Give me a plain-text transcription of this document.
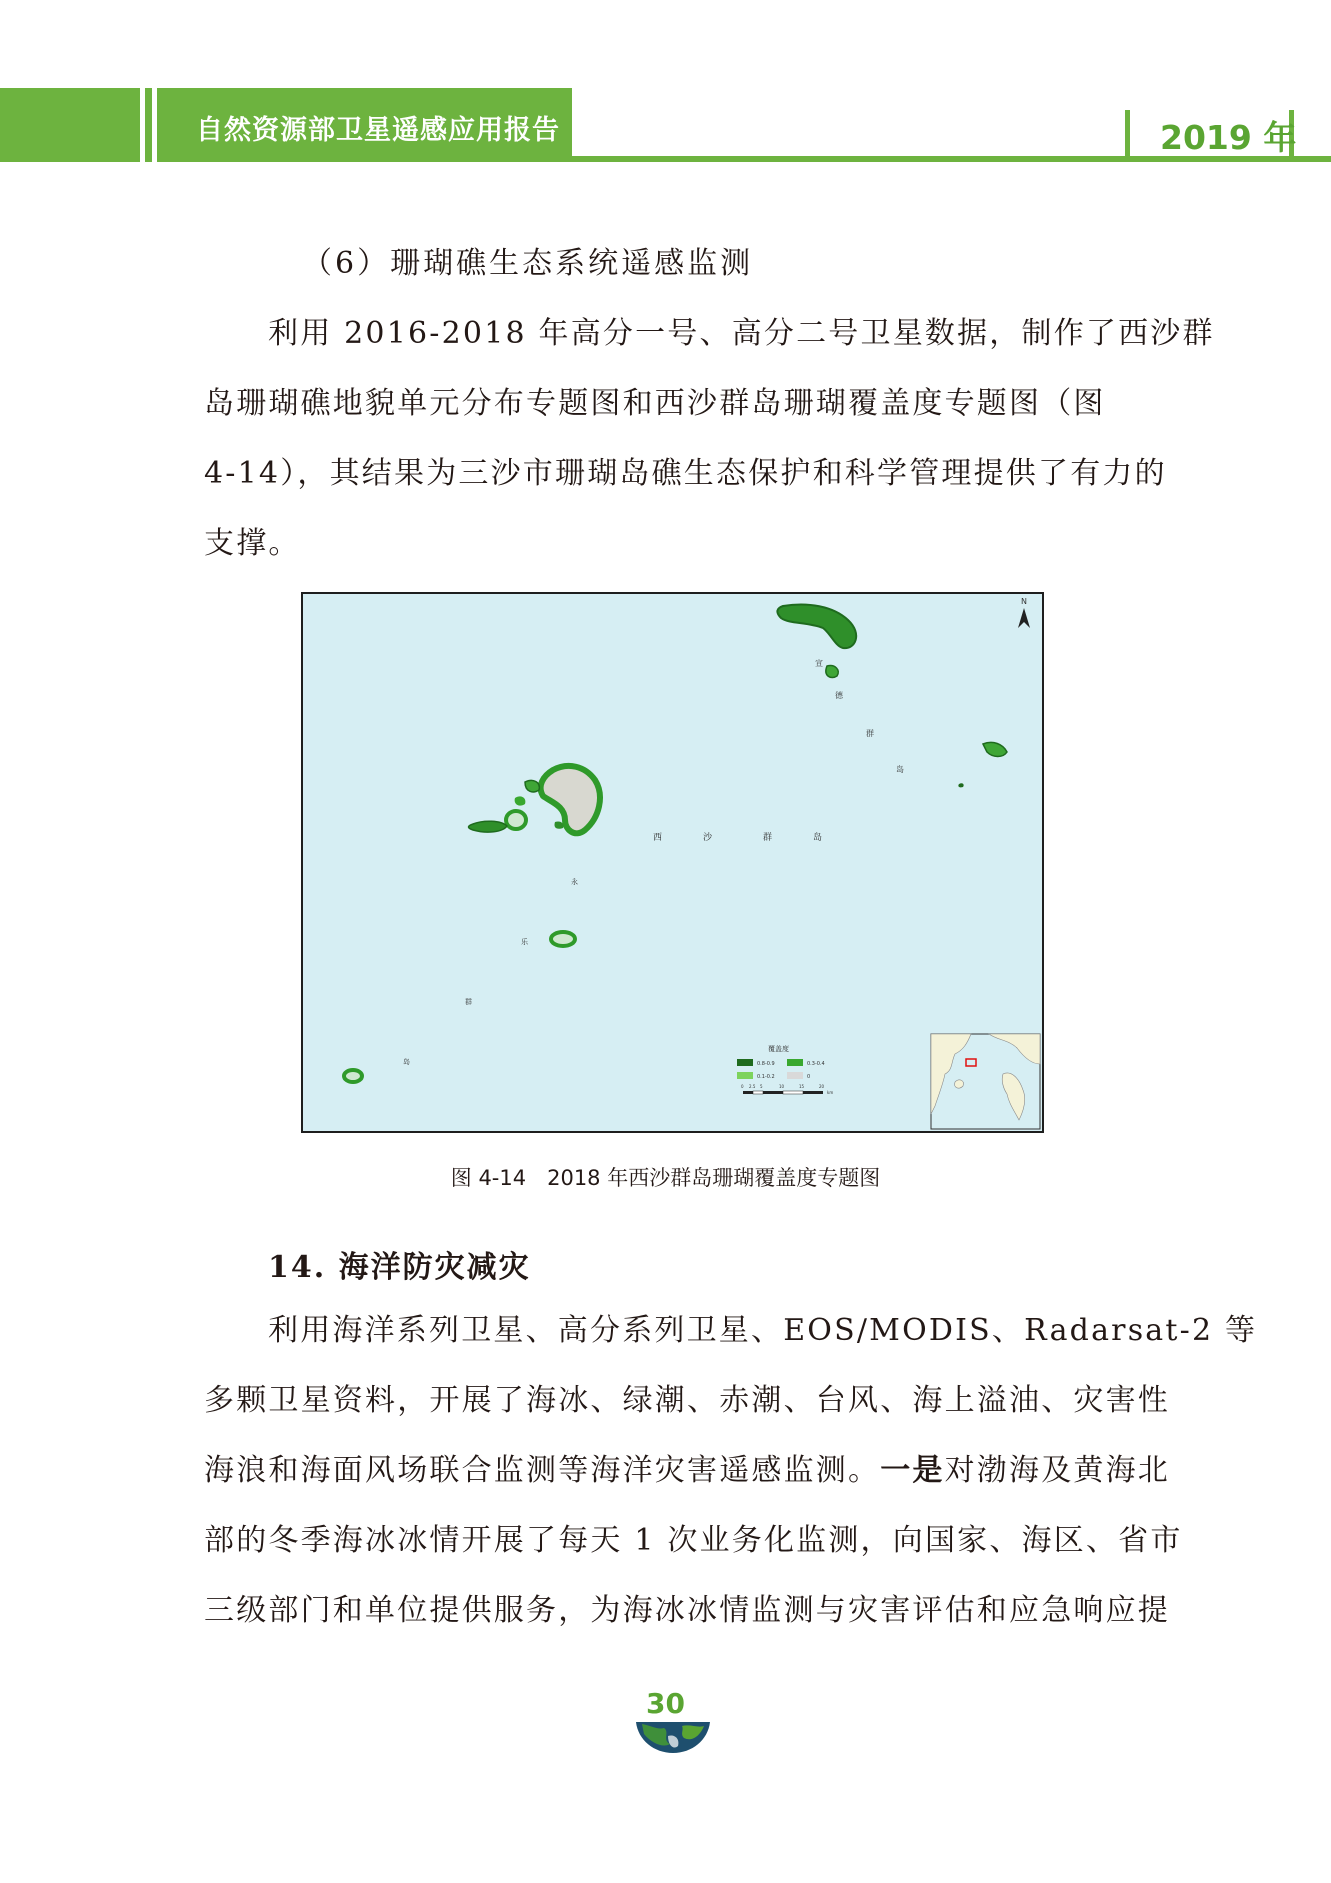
自然资源部卫星遥感应用报告	2019 年
（6）珊瑚礁生态系统遥感监测
利用 2016-2018 年高分一号、高分二号卫星数据，制作了西沙群
岛珊瑚礁地貌单元分布专题图和西沙群岛珊瑚覆盖度专题图（图
4-14），其结果为三沙市珊瑚岛礁生态保护和科学管理提供了有力的
支撑。
N
宣
德
群
岛
西	沙	群	岛
永
乐
群
岛
覆盖度
0.8-0.9	0.3-0.4
0.1-0.2	0
0 2.5 5	10	15	20
km
图 4-14　2018 年西沙群岛珊瑚覆盖度专题图
14. 海洋防灾减灾
利用海洋系列卫星、高分系列卫星、EOS/MODIS、Radarsat-2 等
多颗卫星资料，开展了海冰、绿潮、赤潮、台风、海上溢油、灾害性
海浪和海面风场联合监测等海洋灾害遥感监测。一是对渤海及黄海北
部的冬季海冰冰情开展了每天 1 次业务化监测，向国家、海区、省市
三级部门和单位提供服务，为海冰冰情监测与灾害评估和应急响应提
30
